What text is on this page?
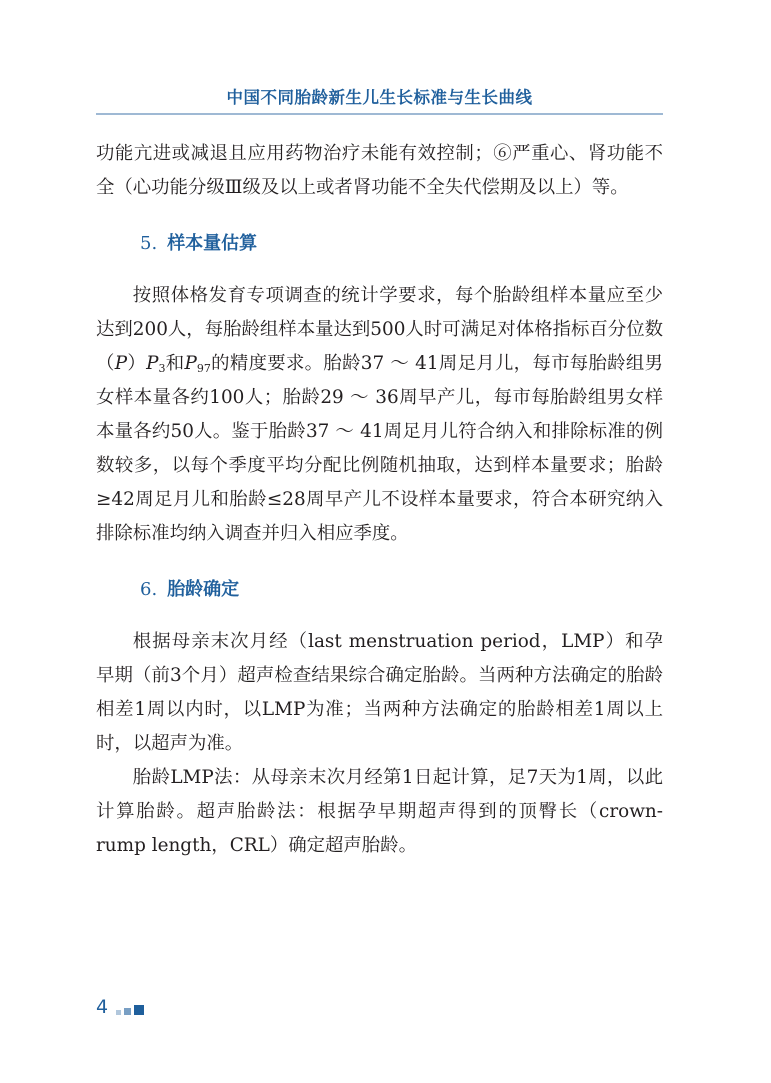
中国不同胎龄新生儿生长标准与生长曲线

功能亢进或减退且应用药物治疗未能有效控制；⑥严重心、肾功能不全（心功能分级Ⅲ级及以上或者肾功能不全失代偿期及以上）等。

5. 样本量估算

按照体格发育专项调查的统计学要求，每个胎龄组样本量应至少达到200人，每胎龄组样本量达到500人时可满足对体格指标百分位数$(P)P_3$和$P_{97}$的精度要求。胎龄37 ～ 41周足月儿，每市每胎龄组男女样本量各约100人；胎龄29 ～ 36周早产儿，每市每胎龄组男女样本量各约50人。鉴于胎龄37 ～ 41周足月儿符合纳入和排除标准的例数较多，以每个季度平均分配比例随机抽取，达到样本量要求；胎龄≥42周足月儿和胎龄≤28周早产儿不设样本量要求，符合本研究纳入排除标准均纳入调查并归入相应季度。

6. 胎龄确定

根据母亲末次月经（last menstruation period，LMP）和孕早期（前3个月）超声检查结果综合确定胎龄。当两种方法确定的胎龄相差1周以内时，以LMP为准；当两种方法确定的胎龄相差1周以上时，以超声为准。

胎龄LMP法：从母亲末次月经第1日起计算，足7天为1周，以此计算胎龄。超声胎龄法：根据孕早期超声得到的顶臀长（crown-rump length，CRL）确定超声胎龄。

4
